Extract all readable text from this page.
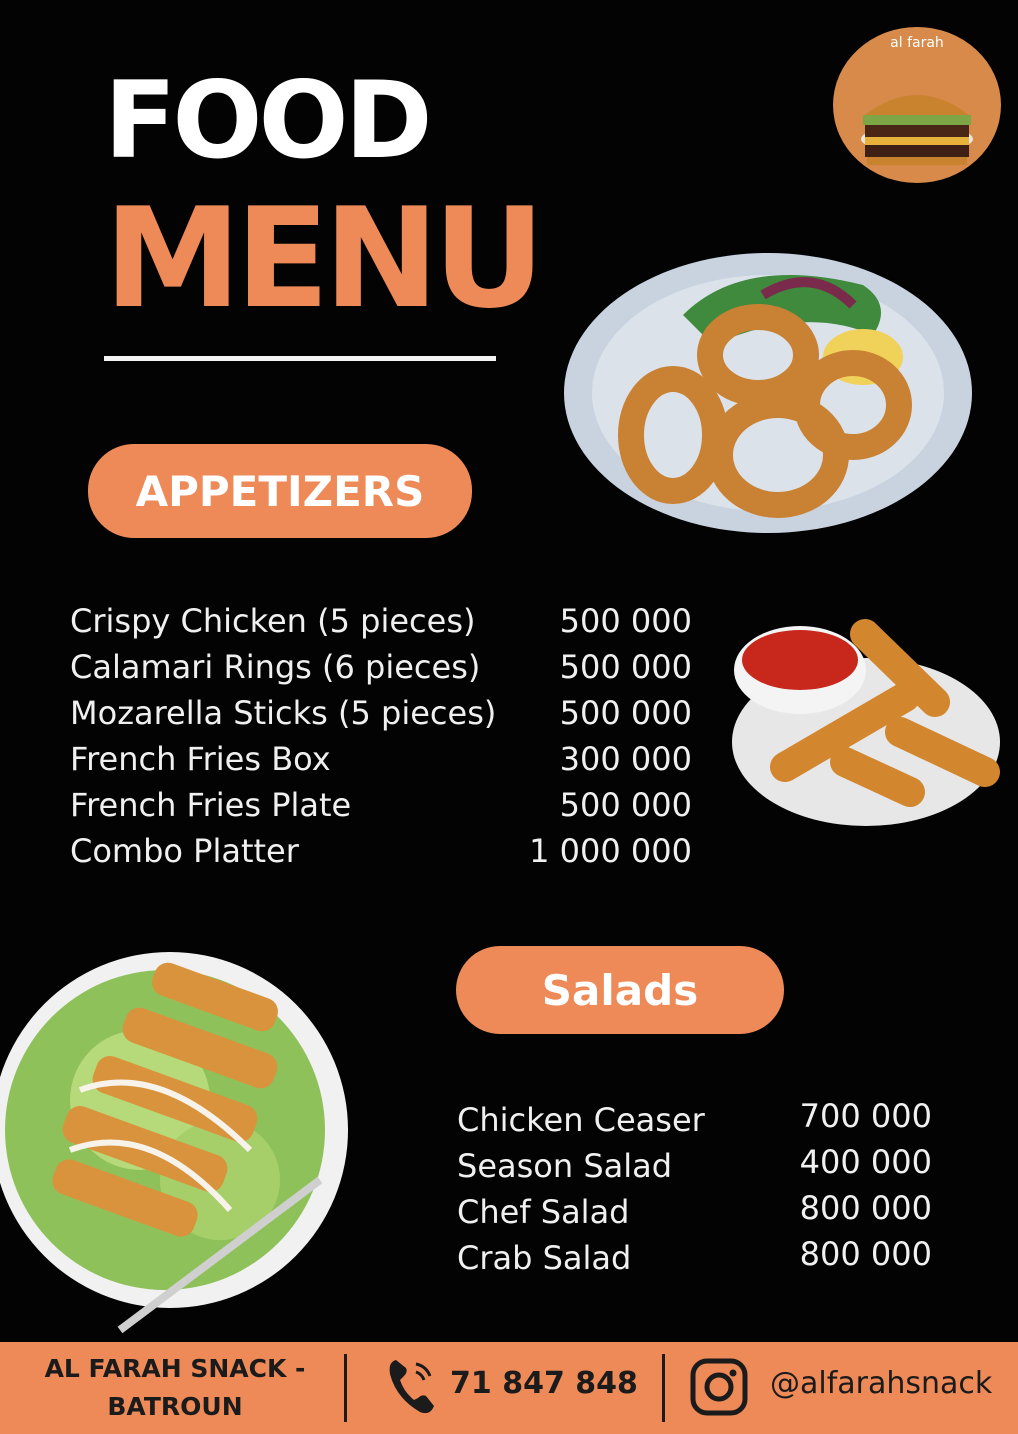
FOOD
MENU
al farah
APPETIZERS
Crispy Chicken (5 pieces)
Calamari Rings (6 pieces)
Mozarella Sticks (5 pieces)
French Fries Box
French Fries Plate
Combo Platter
500 000
500 000
500 000
300 000
500 000
1 000 000
Salads
Chicken Ceaser
Season Salad
Chef Salad
Crab Salad
700 000
400 000
800 000
800 000
AL FARAH SNACK -
BATROUN
71 847 848	@alfarahsnack
